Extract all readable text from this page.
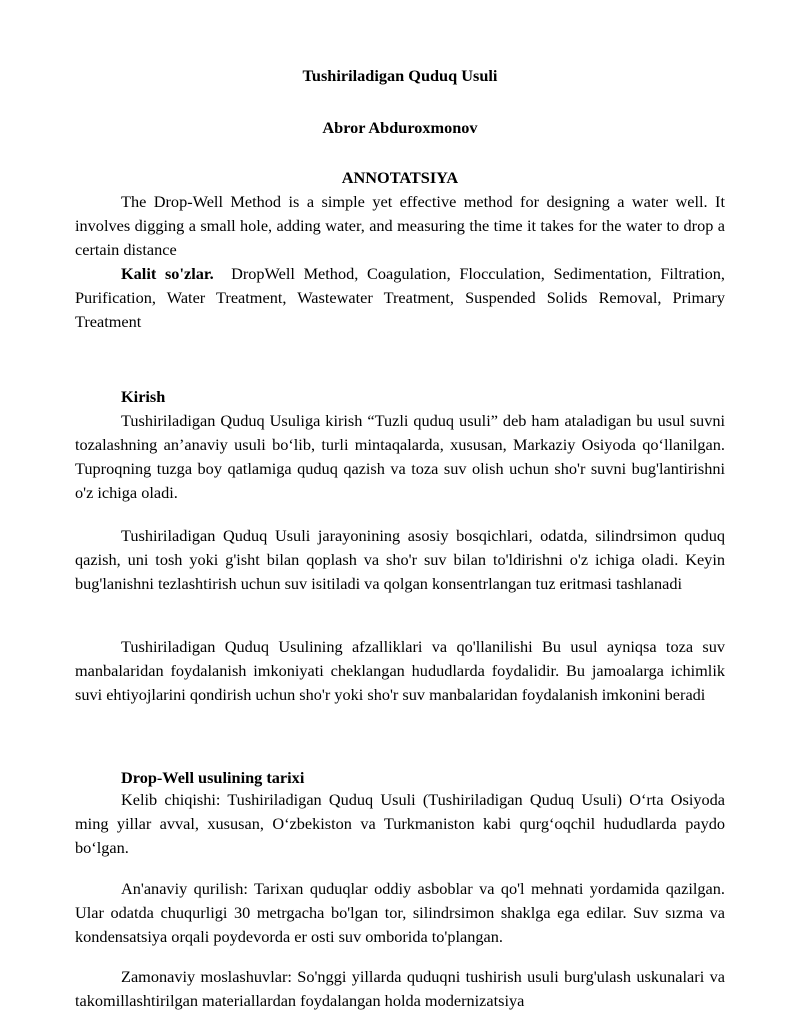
Tushiriladigan Quduq Usuli
Abror Abduroxmonov
ANNOTATSIYA
The Drop-Well Method is a simple yet effective method for designing a water well. It involves digging a small hole, adding water, and measuring the time it takes for the water to drop a certain distance
Kalit so'zlar. DropWell Method, Coagulation, Flocculation, Sedimentation, Filtration, Purification, Water Treatment, Wastewater Treatment, Suspended Solids Removal, Primary Treatment
Kirish
Tushiriladigan Quduq Usuliga kirish “Tuzli quduq usuli” deb ham ataladigan bu usul suvni tozalashning an’anaviy usuli bo‘lib, turli mintaqalarda, xususan, Markaziy Osiyoda qo‘llanilgan. Tuproqning tuzga boy qatlamiga quduq qazish va toza suv olish uchun sho'r suvni bug'lantirishni o'z ichiga oladi.
Tushiriladigan Quduq Usuli jarayonining asosiy bosqichlari, odatda, silindrsimon quduq qazish, uni tosh yoki g'isht bilan qoplash va sho'r suv bilan to'ldirishni o'z ichiga oladi. Keyin bug'lanishni tezlashtirish uchun suv isitiladi va qolgan konsentrlangan tuz eritmasi tashlanadi
Tushiriladigan Quduq Usulining afzalliklari va qo'llanilishi Bu usul ayniqsa toza suv manbalaridan foydalanish imkoniyati cheklangan hududlarda foydalidir. Bu jamoalarga ichimlik suvi ehtiyojlarini qondirish uchun sho'r yoki sho'r suv manbalaridan foydalanish imkonini beradi
Drop-Well usulining tarixi
Kelib chiqishi: Tushiriladigan Quduq Usuli (Tushiriladigan Quduq Usuli) O‘rta Osiyoda ming yillar avval, xususan, O‘zbekiston va Turkmaniston kabi qurg‘oqchil hududlarda paydo bo‘lgan.
An'anaviy qurilish: Tarixan quduqlar oddiy asboblar va qo'l mehnati yordamida qazilgan. Ular odatda chuqurligi 30 metrgacha bo'lgan tor, silindrsimon shaklga ega edilar. Suv sızma va kondensatsiya orqali poydevorda er osti suv omborida to'plangan.
Zamonaviy moslashuvlar: So'nggi yillarda quduqni tushirish usuli burg'ulash uskunalari va takomillashtirilgan materiallardan foydalangan holda modernizatsiya
